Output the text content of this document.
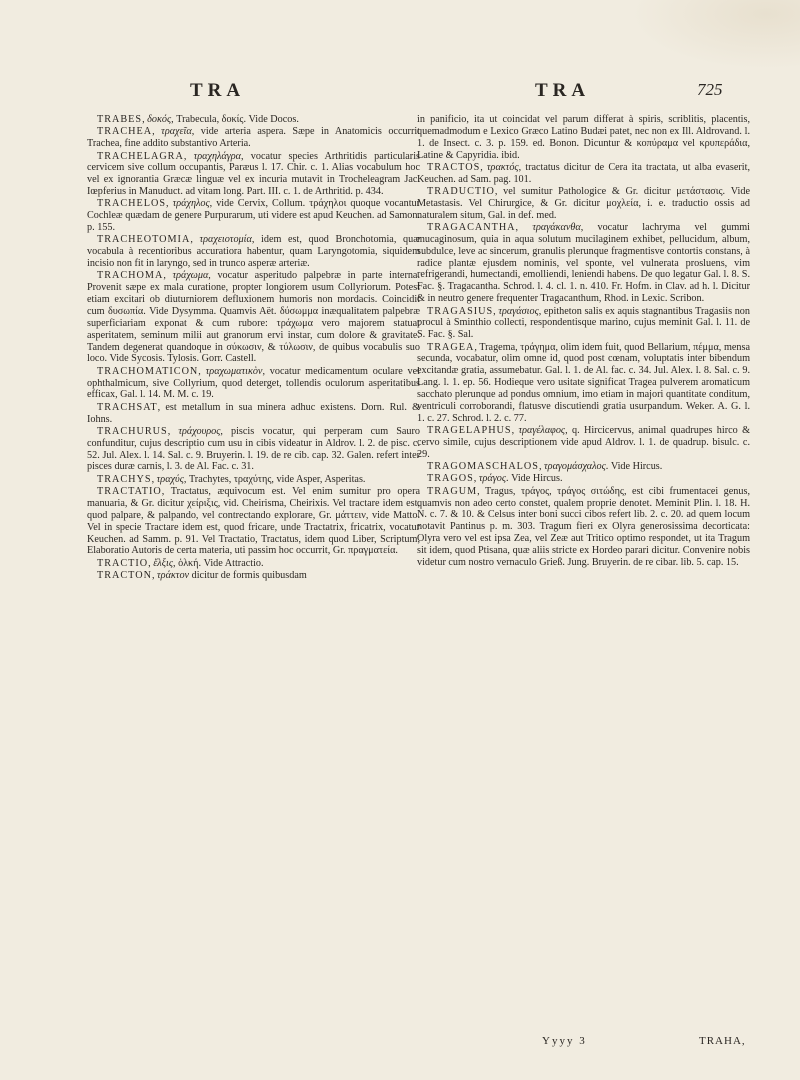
TRA	TRA	725

TRABES, δοκός, Trabecula, δοκίς. Vide Docos.

TRACHEA, τραχεῖα, vide arteria aspera. Sæpe in Anatomicis occurrit Trachea, fine addito substantivo Arteria.

TRACHELAGRA, τραχηλάγρα, vocatur species Arthritidis particularis cervicem sive collum occupantis, Paræus l. 17. Chir. c. 1. Alias vocabulum hoc vel ex ignorantia Græcæ linguæ vel ex incuria mutavit in Trocheleagram Jac. Iœpferius in Manuduct. ad vitam long. Part. III. c. 1. de Arthritid. p. 434.

TRACHELOS, τράχηλος, vide Cervix, Collum. τράχηλοι quoque vocantur Cochleæ quædam de genere Purpurarum, uti videre est apud Keuchen. ad Samon. p. 155.

TRACHEOTOMIA, τραχειοτομία, idem est, quod Bronchotomia, quæ vocabula à recentioribus accuratiora habentur, quam Laryngotomia, siquidem incisio non fit in laryngo, sed in trunco asperæ arteriæ.

TRACHOMA, τράχωμα, vocatur asperitudo palpebræ in parte interna. Provenit sæpe ex mala curatione, propter longiorem usum Collyriorum. Potest etiam excitari ob diuturniorem defluxionem humoris non mordacis. Coincidit cum δυσωπία. Vide Dysymma. Quamvis Aët. δύσωμμα inæqualitatem palpebræ superficiariam exponat & cum rubore: τράχωμα vero majorem statuat asperitatem, seminum milii aut granorum ervi instar, cum dolore & gravitate. Tandem degenerat quandoque in σύκωσιν, & τύλωσιν, de quibus vocabulis suo loco. Vide Sycosis. Tylosis. Gorr. Castell.

TRACHOMATICON, τραχωματικὸν, vocatur medicamentum oculare vel ophthalmicum, sive Collyrium, quod deterget, tollendis oculorum asperitatibus efficax, Gal. l. 14. M. M. c. 19.

TRACHSAT, est metallum in sua minera adhuc existens. Dorn. Rul. & Iohns.

TRACHURUS, τράχουρος, piscis vocatur, qui perperam cum Sauro confunditur, cujus descriptio cum usu in cibis videatur in Aldrov. l. 2. de pisc. c. 52. Jul. Alex. l. 14. Sal. c. 9. Bruyerin. l. 19. de re cib. cap. 32. Galen. refert inter pisces duræ carnis, l. 3. de Al. Fac. c. 31.

TRACHYS, τραχύς, Trachytes, τραχύτης, vide Asper, Asperitas.

TRACTATIO, Tractatus, æquivocum est. Vel enim sumitur pro opera manuaria, & Gr. dicitur χείριξις, vid. Cheirisma, Cheirixis. Vel tractare idem est, quod palpare, & palpando, vel contrectando explorare, Gr. μάττειν, vide Matto. Vel in specie Tractare idem est, quod fricare, unde Tractatrix, fricatrix, vocatur Keuchen. ad Samm. p. 91. Vel Tractatio, Tractatus, idem quod Liber, Scriptum, Elaboratio Autoris de certa materia, uti passim hoc occurrit, Gr. πραγματεία.

TRACTIO, ἕλξις, ὁλκή. Vide Attractio.

TRACTON, τράκτον dicitur de formis quibusdam

in panificio, ita ut coincidat vel parum differat à spiris, scriblitis, placentis, quemadmodum e Lexico Græco Latino Budæi patet, nec non ex Ill. Aldrovand. l. 1. de Insect. c. 3. p. 159. ed. Bonon. Dicuntur & κοπύραμα vel κρυπεράδια, Latine & Capyridia. ibid.

TRACTOS, τρακτός, tractatus dicitur de Cera ita tractata, ut alba evaserit, Keuchen. ad Sam. pag. 101.

TRADUCTIO, vel sumitur Pathologice & Gr. dicitur μετάστασις. Vide Metastasis. Vel Chirurgice, & Gr. dicitur μοχλεία, i. e. traductio ossis ad naturalem situm, Gal. in def. med.

TRAGACANTHA, τραγάκανθα, vocatur lachryma vel gummi mucaginosum, quia in aqua solutum mucilaginem exhibet, pellucidum, album, subdulce, leve ac sincerum, granulis plerunque fragmentisve contortis constans, à radice plantæ ejusdem nominis, vel sponte, vel vulnerata prosluens, vim refrigerandi, humectandi, emolliendi, leniendi habens. De quo legatur Gal. l. 8. S. Fac. §. Tragacantha. Schrod. l. 4. cl. 1. n. 410. Fr. Hofm. in Clav. ad h. l. Dicitur & in neutro genere frequenter Tragacanthum, Rhod. in Lexic. Scribon.

TRAGASIUS, τραγάσιος, epitheton salis ex aquis stagnantibus Tragasiis non procul à Sminthio collecti, respondentisque marino, cujus meminit Gal. l. 11. de S. Fac. §. Sal.

TRAGEA, Tragema, τράγημα, olim idem fuit, quod Bellarium, πέμμα, mensa secunda, vocabatur, olim omne id, quod post cœnam, voluptatis inter bibendum excitandæ gratia, assumebatur. Gal. l. 1. de Al. fac. c. 34. Jul. Alex. l. 8. Sal. c. 9. Lang. l. 1. ep. 56. Hodieque vero usitate significat Tragea pulverem aromaticum sacchato plerunque ad pondus omnium, imo etiam in majori quantitate conditum, ventriculi corroborandi, flatusve discutiendi gratia usurpandum. Weker. A. G. l. 1. c. 27. Schrod. l. 2. c. 77.

TRAGELAPHUS, τραγέλαφος, q. Hircicervus, animal quadrupes hirco & cervo simile, cujus descriptionem vide apud Aldrov. l. 1. de quadrup. bisulc. c. 29.

TRAGOMASCHALOS, τραγομάσχαλος. Vide Hircus.

TRAGOS, τράγος. Vide Hircus.

TRAGUM, Tragus, τράγος, τράγος σιτώδης, est cibi frumentacei genus, quamvis non adeo certo constet, qualem proprie denotet. Meminit Plin. l. 18. H. N. c. 7. & 10. & Celsus inter boni succi cibos refert lib. 2. c. 20. ad quem locum notavit Pantinus p. m. 303. Tragum fieri ex Olyra generosissima decorticata: Olyra vero vel est ipsa Zea, vel Zeæ aut Tritico optimo respondet, ut ita Tragum sit idem, quod Ptisana, quæ aliis stricte ex Hordeo parari dicitur. Convenire nobis videtur cum nostro vernaculo Grieß. Jung. Bruyerin. de re cibar. lib. 5. cap. 15.

Yyyy 3	TRAHA,
